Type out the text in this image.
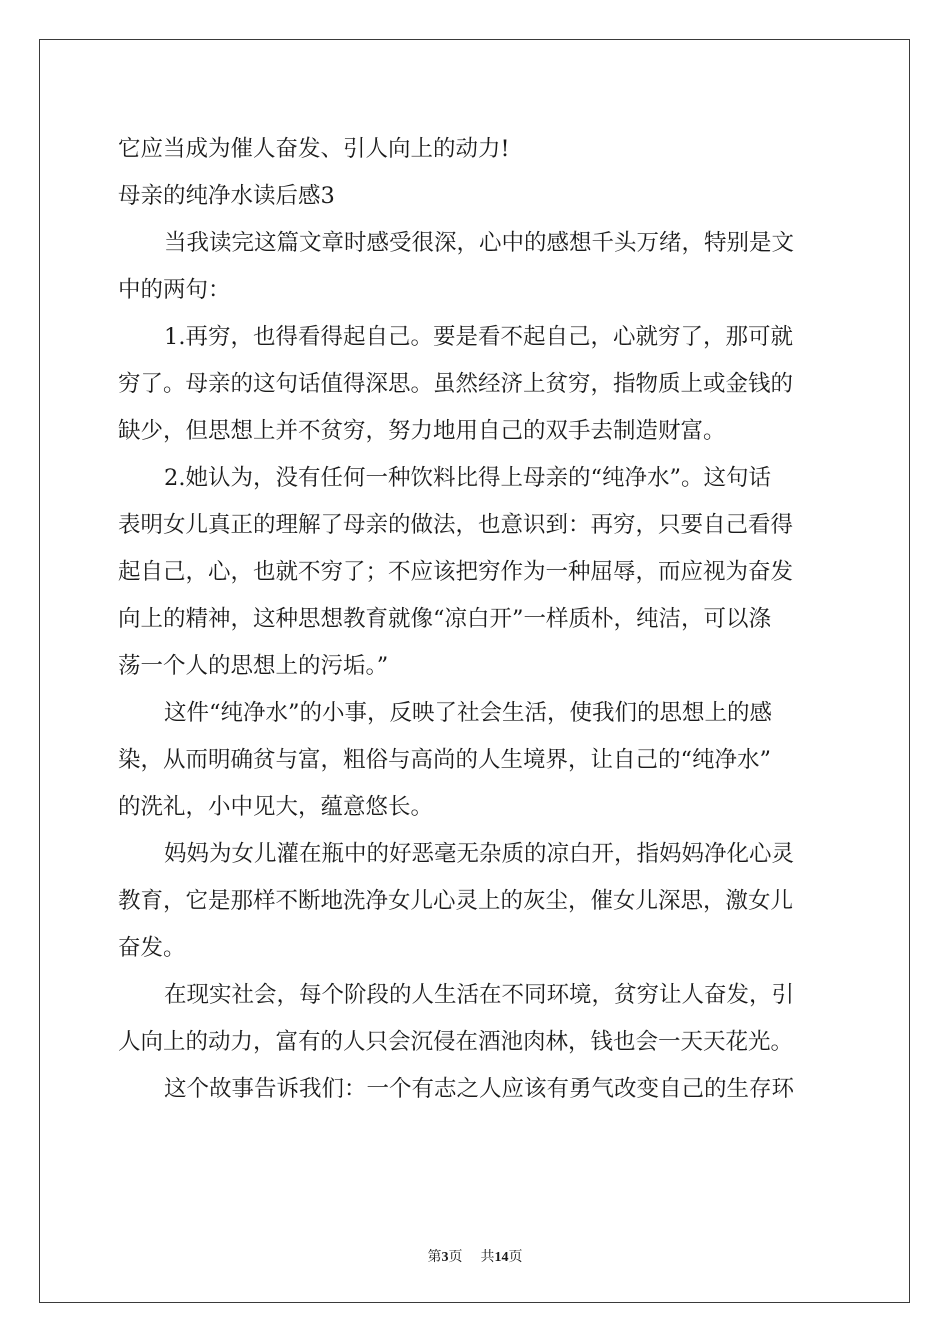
它应当成为催人奋发、引人向上的动力!
母亲的纯净水读后感3
当我读完这篇文章时感受很深，心中的感想千头万绪，特别是文
中的两句：
1.再穷，也得看得起自己。要是看不起自己，心就穷了，那可就
穷了。母亲的这句话值得深思。虽然经济上贫穷，指物质上或金钱的
缺少，但思想上并不贫穷，努力地用自己的双手去制造财富。
2.她认为，没有任何一种饮料比得上母亲的“纯净水”。这句话
表明女儿真正的理解了母亲的做法，也意识到：再穷，只要自己看得
起自己，心，也就不穷了；不应该把穷作为一种屈辱，而应视为奋发
向上的精神，这种思想教育就像“凉白开”一样质朴，纯洁，可以涤
荡一个人的思想上的污垢。”
这件“纯净水”的小事，反映了社会生活，使我们的思想上的感
染，从而明确贫与富，粗俗与高尚的人生境界，让自己的“纯净水”
的洗礼，小中见大，蕴意悠长。
妈妈为女儿灌在瓶中的好恶毫无杂质的凉白开，指妈妈净化心灵
教育，它是那样不断地洗净女儿心灵上的灰尘，催女儿深思，激女儿
奋发。
在现实社会，每个阶段的人生活在不同环境，贫穷让人奋发，引
人向上的动力，富有的人只会沉侵在酒池肉林，钱也会一天天花光。
这个故事告诉我们：一个有志之人应该有勇气改变自己的生存环
第3页 共14页
